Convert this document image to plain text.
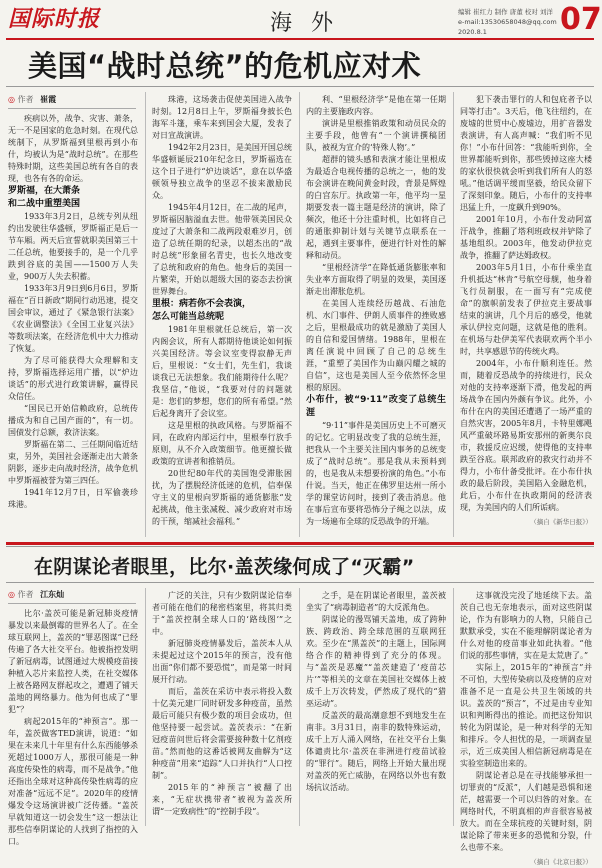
国际时报	海 外	编辑 崔红力 制作 唐董 校对 刘洋
e-mail:13530658048@qq.com
2020.8.1	07
美国“战时总统”的危机应对术
◎ 作者 崔霞

疾病以外，战争、灾害、萧条，无一不是国家的危急时刻。在现代总统制下，从罗斯福到里根再到小布什，均被认为是“战时总统”。在那些特殊时期，这些美国总统有各自的表现，也各有各的命运。

罗斯福，在大萧条
和二战中重塑美国

1933年3月2日，总统专列从纽约出发驶往华盛顿，罗斯福正是后一节车厢。两天后宣誓就职美国第三十二任总统，他要接手的，是一个几乎跌到谷底的美国——1500万人失业，900万人失去积蓄。

1933年3月9日到6月6日，罗斯福在“百日新政”期间行动迅速，提交国会审议，通过了《紧急银行法案》《农业调整法》《全国工业复兴法》等数项法案，在经济危机中大力推动了恢复。

为了尽可能获得大众理解和支持，罗斯福选择运用广播，以“炉边谈话”的形式进行政策讲解，赢得民众信任。

“国民已开始信赖政府，总统传播成为和自己国产面的”，有一切。国债发行总额，救济法案。

罗斯福在第二、三任期间临近结束，另外，美国社会逐渐走出大萧条阴影，逐步走向战时经济，战争危机中罗斯福被誉为第三四任。

1941年12月7日，日军偷袭珍珠港。

珠港，这场袭击促使美国进入战争时刻。12月8日上午，罗斯福身披长色海军斗篷，乘车来到国会大厦，发表了对日宣战演讲。

1942年2月23日，是美国开国总统华盛顿诞辰210年纪念日，罗斯福选在这个日子进行“炉边谈话”，意在以华盛顿领导独立战争的坚忍不拔来激励民众。

1945年4月12日，在二战的尾声，罗斯福因脑溢血去世。他带领美国民众度过了大萧条和二战两段艰难岁月，创造了总统任期的纪录，以超杰出的“战时总统”形象留名青史，也长久地改变了总统和政府的角色。他身后的美国一片繁荣，开始以超级大国的姿态去扮演世界舞台。

里根：病若你不会表演，
怎么可能当总统呢

1981年里根就任总统后，第一次内阁会议，所有人都期待他谈论如何振兴美国经济。等会议室变得寂静无声后，里根说：“女士们，先生们，我谈谈我已无法想象。我们能期待什么呢？我坚信，”他说，“我要对付的问题就是：您们的梦想，您们的所有希望。”然后起身离开了会议室。

这是里根的执政风格。与罗斯福不同，在政府内部运行中，里根奉行放手原则，从不介入政策细节。他更擅长做政策的宣讲者和推销员。

20世纪80年代的美国饱受滞胀困扰，为了摆脱经济低迷的危机，信奉保守主义的里根向罗斯福的通货膨胀“发起挑战，他主张减税、减少政府对市场的干预，缩减社会福利。”

利、“里根经济学”是他在第一任期内的主要施政内容。

演讲是里根推销政策和动员民众的主要手段，他曾有“一个演讲撰稿团队，被视为宣介的‘特殊人物’。”

超群的镜头感和表演才能让里根成为最适合电视传播的总统之一，他的发布会演讲在晚间黄金时段，背景是辉煌的白宫东厅。执政第一年，他平均一星期要发表一篇主题是经济的演讲，除了频次，他还十分注重时机，比如将自己的通胀抑制计划与关键节点联系在一起，遇到主要事件，便进行针对性的解释和动员。

“里根经济学”在降低通货膨胀率和失业率方面取得了明显的效果，美国逐渐走出滞胀危机。

在美国人连续经历越战、石油危机、水门事件、伊朗人质事件的挫败感之后，里根最成功的就是激励了美国人的自信和爱国情绪。1988年，里根在离任演说中回顾了自己的总统生涯，“重塑了美国作为山巅闪耀之城的自信”，这也是美国人至今依然怀念里根的原因。

小布什，被“9·11”改变了总统生涯

“9·11”事件是美国历史上不可磨灭的记忆。它明显改变了我的总统生涯，把我从一个主要关注国内事务的总统变成了“战时总统”。那是我从未预料到的，也是我从未想要扮演的角色。”小布什说。当天，他正在佛罗里达州一所小学的课堂访问时，接到了袭击消息。他在事后宣布要将恐怖分子绳之以法，成为一场遍布全球的反恐战争的开端。

犯下袭击罪行的人和包庇者予以同等打击”。3天后，他飞往纽约，在废墟的世贸中心废墟边，用扩音器发表演讲，有人高声喊：“我们听不见你！”小布什回答：“我能听到你，全世界都能听到你，那些毁掉这座大楼的家伙很快就会听到我们所有人的怒吼。”他话调平缓而坚毅，给民众留下了深刻印象。随后，小布什的支持率迅猛上升，一度飙升到90%。

2001年10月，小布什发动阿富汗战争，推翻了塔利班政权并铲除了基地组织。2003年，他发动伊拉克战争，推翻了萨达姆政权。

2003年5月1日，小布什乘坐直升机抵达“林肯”号航空母舰，他身着飞行员制服，在一面写有“完成使命”的旗帜前发表了伊拉克主要战事结束的演讲，几个月后的感受，他就承认伊拉克问题，这就是他的胜利。在机场与赴伊美军代表联欢两个半小时，共享感恩节的传统火鸡。

2004年，小布什顺利连任。然而，随着反恐战争的持续进行，民众对他的支持率逐渐下滑，他发起的两场战争在国内外颇有争议。此外，小布什在内的美国还遭遇了一场严重的自然灾害，2005年8月，卡特里娜飓风严重破坏路易斯安那州的新奥尔良市，救援反应迟缓，使得他的支持率跌至谷底。联邦政府的救灾行动并不得力，小布什备受批评。在小布什执政的最后阶段，美国陷入金融危机，此后，小布什在执政期间的经济表现，为美国内的人们所诟病。

（摘自《新华日报》）

在阴谋论者眼里，比尔·盖茨缘何成了“灭霸”
◎ 作者 江东灿

比尔·盖茨可能是新冠肺炎疫情暴发以来最倒霉的世界名人了。在全球互联网上，盖茨的“罪恶图谋”已经传遍了各大社交平台。他被指控发明了新冠病毒，试图通过大规模疫苗接种植入芯片来监控人类，在社交媒体上被各路网友群起攻之，遭遇了铺天盖地的网络暴力。他为何也成了“罪犯”？

病起2015年的“神预言”。那一年，盖茨做客TED演讲，说道：“如果在未来几十年里有什么东西能够杀死超过1000万人，那很可能是一种高度传染性的病毒，而不是战争。”他还指出全球对这种高传染性病毒的应对准备“远远不足”。2020年的疫情爆发令这场演讲被广泛传播。“盖茨早就知道这一切会发生”这一想法让那些信奉阴谋论的人找到了指控的入口。

广泛的关注，只有少数阴谋论信奉者可能在他们的秘密档案里，将其归类于“盖茨控制全球人口的‘路线图’”之中。

新冠肺炎疫情暴发后，盖茨本人从未提起过这个2015年的预言，没有他出面“你们都不要恐慌”，而是第一时间展开行动。

而后，盖茨在采访中表示将投入数十亿美元建厂同时研发多种疫苗，虽然最后可能只有极少数的项目会成功，但他坚持要一起尝试。盖茨表示：“在新冠疫苗问世后将会需要接种数十亿剂疫苗。”然而他的这番话被网友曲解为“这种疫苗”用来“追踪”人口并执行“人口控制”。

2015年的“神预言”被翻了出来，“无症状携带者”被视为盖茨所谓“一定致病性”的“控制手段”。

之手，是在阴谋论者眼里，盖茨被坐实了“病毒制造者”的大反派角色。

阴谋论的漫骂铺天盖地，成了跨种族、跨政治、跨全球范围的互联网狂欢。至少在“黑盖茨”的主题上，国际网络合作的精神得到了充分的体现。与“盖茨是恶魔”“盖茨建造了‘疫苗芯片’”等相关的文章在美国社交媒体上被成千上万次转发，俨然成了现代的“猎巫运动”。

反盖茨的最高潮意想不到地发生在南非。3月31日，南非的数特殊运动，成千上万人涌入网络，在社交平台上集体谴责比尔·盖茨在非洲进行疫苗试验的“罪行”。随后，网络上开始大量出现对盖茨的死亡威胁，在网络以外也有数场抗议活动。

这事就没完没了地延续下去。盖茨自己也无奈地表示，面对这些阴谋论，作为有影响力的人物，只能自己默默承受，实在不能理解阴谋论者为什么对他的疫苗事业如此执着。“他们说的那些事情，实在是太荒唐了。”

实际上，2015年的“神预言”并不可怕，大型传染病以及疫情的应对准备不足一直是公共卫生领域的共识。盖茨的“预言”，不过是由专业知识和判断得出的推论。而把这份知识转化为阴谋论，是一种对科学的无知和排斥。令人担忧的是，一项调查显示，近三成美国人相信新冠病毒是在实验室制造出来的。

阴谋论者总是在寻找能够承担一切罪责的“反派”，人们越是恐惧和迷茫，越需要一个可以归咎的对象。在网络时代，不明真相的声音很容易被放大。而在全球抗疫的关键时刻，阴谋论除了带来更多的恐慌和分裂，什么也带不来。

（摘自《北京日报》）
